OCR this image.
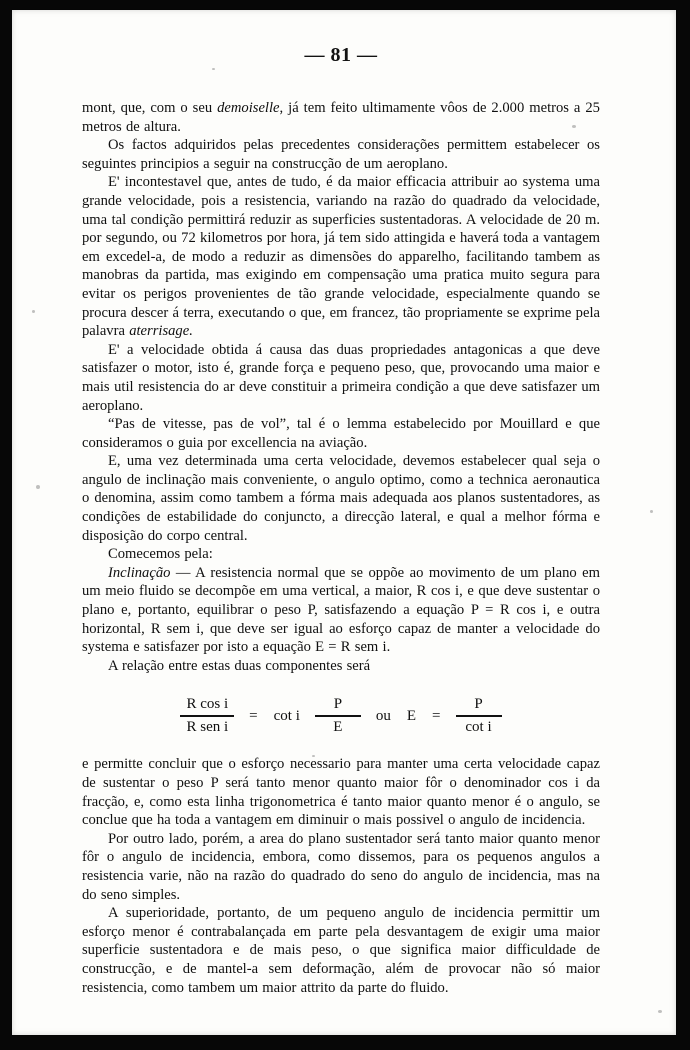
— 81 —

mont, que, com o seu demoiselle, já tem feito ultimamente vôos de 2.000 metros a 25 metros de altura.

Os factos adquiridos pelas precedentes considerações permittem estabelecer os seguintes principios a seguir na construcção de um aeroplano.

E' incontestavel que, antes de tudo, é da maior efficacia attribuir ao systema uma grande velocidade, pois a resistencia, variando na razão do quadrado da velocidade, uma tal condição permittirá reduzir as superficies sustentadoras. A velocidade de 20 m. por segundo, ou 72 kilometros por hora, já tem sido attingida e haverá toda a vantagem em excedel-a, de modo a reduzir as dimensões do apparelho, facilitando tambem as manobras da partida, mas exigindo em compensação uma pratica muito segura para evitar os perigos provenientes de tão grande velocidade, especialmente quando se procura descer á terra, executando o que, em francez, tão propriamente se exprime pela palavra aterrisage.

E' a velocidade obtida á causa das duas propriedades antagonicas a que deve satisfazer o motor, isto é, grande força e pequeno peso, que, provocando uma maior e mais util resistencia do ar deve constituir a primeira condição a que deve satisfazer um aeroplano.

“Pas de vitesse, pas de vol”, tal é o lemma estabelecido por Mouillard e que consideramos o guia por excellencia na aviação.

E, uma vez determinada uma certa velocidade, devemos estabelecer qual seja o angulo de inclinação mais conveniente, o angulo optimo, como a technica aeronautica o denomina, assim como tambem a fórma mais adequada aos planos sustentadores, as condições de estabilidade do conjuncto, a direcção lateral, e qual a melhor fórma e disposição do corpo central.

Comecemos pela:

Inclinação — A resistencia normal que se oppõe ao movimento de um plano em um meio fluido se decompõe em uma vertical, a maior, R cos i, e que deve sustentar o plano e, portanto, equilibrar o peso P, satisfazendo a equação P = R cos i, e outra horizontal, R sem i, que deve ser igual ao esforço capaz de manter a velocidade do systema e satisfazer por isto a equação E = R sem i.

A relação entre estas duas componentes será

$\frac{\text{R cos i}}{\text{R sen i}} = \cot i \frac{P}{E}$ ou $E = \frac{P}{\text{cot i}}$

e permitte concluir que o esforço necessario para manter uma certa velocidade capaz de sustentar o peso P será tanto menor quanto maior fôr o denominador cos i da fracção, e, como esta linha trigonometrica é tanto maior quanto menor é o angulo, se conclue que ha toda a vantagem em diminuir o mais possivel o angulo de incidencia.

Por outro lado, porém, a area do plano sustentador será tanto maior quanto menor fôr o angulo de incidencia, embora, como dissemos, para os pequenos angulos a resistencia varie, não na razão do quadrado do seno do angulo de incidencia, mas na do seno simples.

A superioridade, portanto, de um pequeno angulo de incidencia permittir um esforço menor é contrabalançada em parte pela desvantagem de exigir uma maior superficie sustentadora e de mais peso, o que significa maior difficuldade de construcção, e de mantel-a sem deformação, além de provocar não só maior resistencia, como tambem um maior attrito da parte do fluido.
